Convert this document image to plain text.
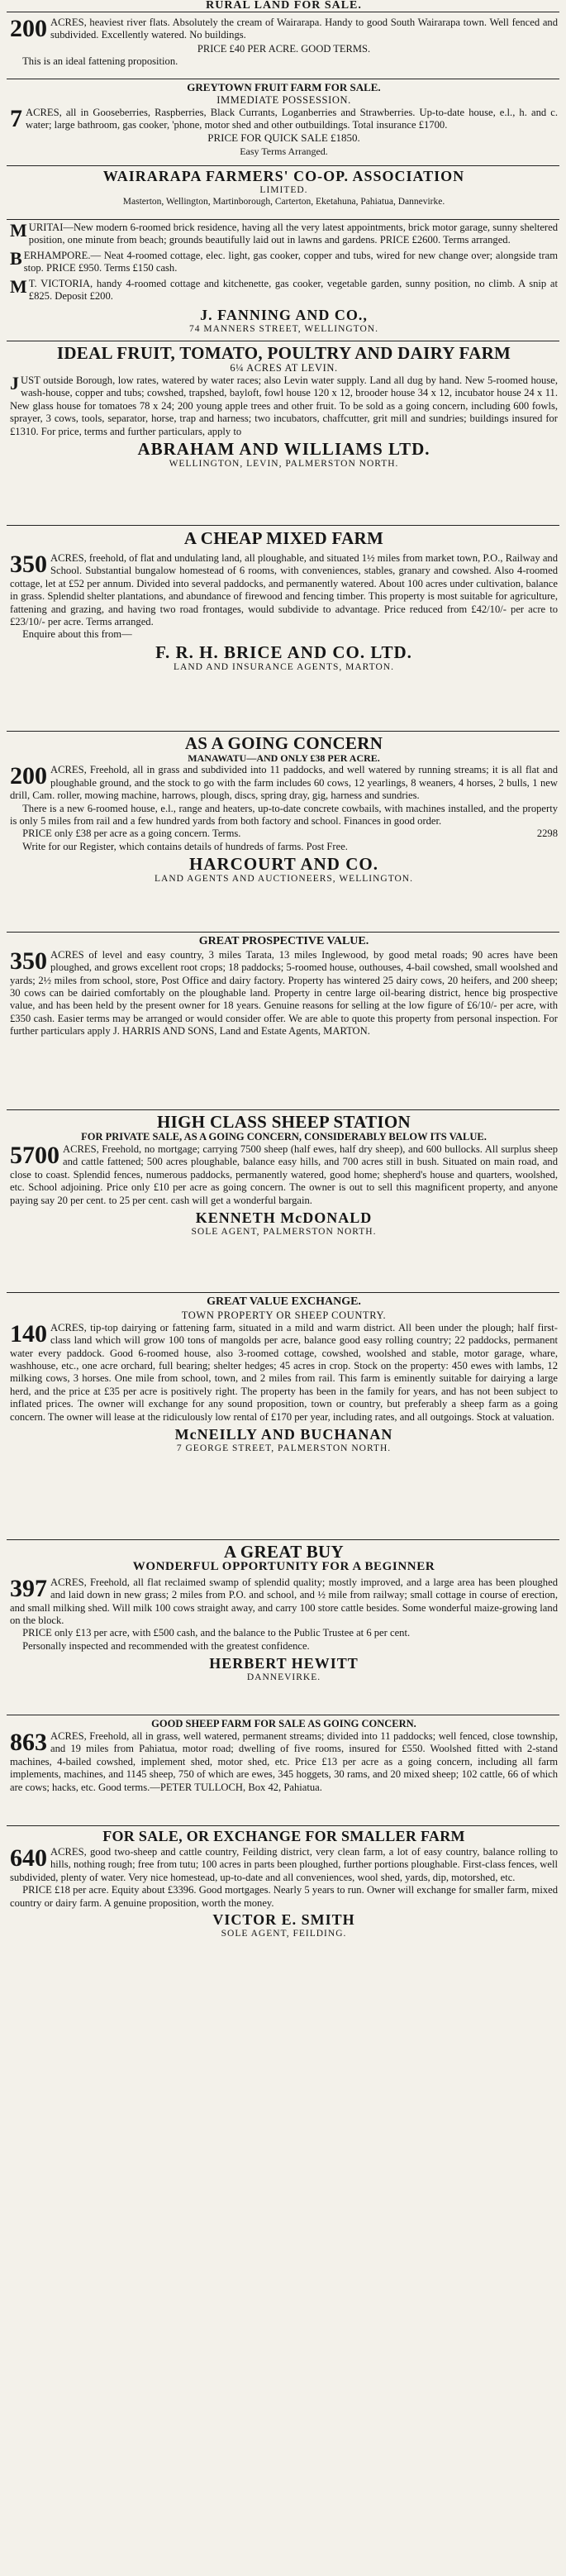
RURAL LAND FOR SALE.

200 ACRES, heaviest river flats. Absolutely the cream of Wairarapa. Handy to good South Wairarapa town. Well fenced and subdivided. Excellently watered. No buildings.

PRICE £40 PER ACRE. GOOD TERMS.

This is an ideal fattening proposition.

GREYTOWN FRUIT FARM FOR SALE.
IMMEDIATE POSSESSION.

7 ACRES, all in Gooseberries, Raspberries, Black Currants, Loganberries and Strawberries. Up-to-date house, e.l., h. and c. water; large bathroom, gas cooker, 'phone, motor shed and other outbuildings. Total insurance £1700.

PRICE FOR QUICK SALE £1850.
Easy Terms Arranged.
WAIRARAPA FARMERS' CO-OP. ASSOCIATION
LIMITED.
Masterton, Wellington, Martinborough, Carterton, Eketahuna, Pahiatua, Dannevirke.

MURITAI—New modern 6-roomed brick residence, having all the very latest appointments, brick motor garage, sunny sheltered position, one minute from beach; grounds beautifully laid out in lawns and gardens. PRICE £2600. Terms arranged.

BERHAMPORE.— Neat 4-roomed cottage, elec. light, gas cooker, copper and tubs, wired for new change over; alongside tram stop. PRICE £950. Terms £150 cash.

M T. VICTORIA, handy 4-roomed cottage and kitchenette, gas cooker, vegetable garden, sunny position, no climb. A snip at £825. Deposit £200.

J. FANNING AND CO.,
74 MANNERS STREET, WELLINGTON.
IDEAL FRUIT, TOMATO, POULTRY AND DAIRY FARM
6¼ ACRES AT LEVIN.

JUST outside Borough, low rates, watered by water races; also Levin water supply. Land all dug by hand. New 5-roomed house, wash-house, copper and tubs; cowshed, trapshed, bayloft, fowl house 120 x 12, brooder house 34 x 12, incubator house 24 x 11. New glass house for tomatoes 78 x 24; 200 young apple trees and other fruit. To be sold as a going concern, including 600 fowls, sprayer, 3 cows, tools, separator, horse, trap and harness; two incubators, chaffcutter, grit mill and sundries; buildings insured for £1310. For price, terms and further particulars, apply to

ABRAHAM AND WILLIAMS LTD.
WELLINGTON, LEVIN, PALMERSTON NORTH.
A CHEAP MIXED FARM

350 ACRES, freehold, of flat and undulating land, all ploughable, and situated 1½ miles from market town, P.O., Railway and School. Substantial bungalow homestead of 6 rooms, with conveniences, stables, granary and cowshed. Also 4-roomed cottage, let at £52 per annum. Divided into several paddocks, and permanently watered. About 100 acres under cultivation, balance in grass. Splendid shelter plantations, and abundance of firewood and fencing timber. This property is most suitable for agriculture, fattening and grazing, and having two road frontages, would subdivide to advantage. Price reduced from £42/10/- per acre to £23/10/- per acre. Terms arranged.

Enquire about this from—

F. R. H. BRICE AND CO. LTD.
LAND AND INSURANCE AGENTS, MARTON.
AS A GOING CONCERN
MANAWATU—AND ONLY £38 PER ACRE.

200 ACRES, Freehold, all in grass and subdivided into 11 paddocks, and well watered by running streams; it is all flat and ploughable ground, and the stock to go with the farm includes 60 cows, 12 yearlings, 8 weaners, 4 horses, 2 bulls, 1 new drill, Cam. roller, mowing machine, harrows, plough, discs, spring dray, gig, harness and sundries.

There is a new 6-roomed house, e.l., range and heaters, up-to-date concrete cowbails, with machines installed, and the property is only 5 miles from rail and a few hundred yards from both factory and school. Finances in good order.

PRICE only £38 per acre as a going concern. Terms.	2298

Write for our Register, which contains details of hundreds of farms. Post Free.

HARCOURT AND CO.
LAND AGENTS AND AUCTIONEERS, WELLINGTON.
GREAT PROSPECTIVE VALUE.

350 ACRES of level and easy country, 3 miles Tarata, 13 miles Inglewood, by good metal roads; 90 acres have been ploughed, and grows excellent root crops; 18 paddocks; 5-roomed house, outhouses, 4-bail cowshed, small woolshed and yards; 2½ miles from school, store, Post Office and dairy factory. Property has wintered 25 dairy cows, 20 heifers, and 200 sheep; 30 cows can be dairied comfortably on the ploughable land. Property in centre large oil-bearing district, hence big prospective value, and has been held by the present owner for 18 years. Genuine reasons for selling at the low figure of £6/10/- per acre, with £350 cash. Easier terms may be arranged or would consider offer. We are able to quote this property from personal inspection. For further particulars apply J. HARRIS AND SONS, Land and Estate Agents, MARTON.

HIGH CLASS SHEEP STATION
FOR PRIVATE SALE, AS A GOING CONCERN, CONSIDERABLY BELOW ITS VALUE.

5700 ACRES, Freehold, no mortgage; carrying 7500 sheep (half ewes, half dry sheep), and 600 bullocks. All surplus sheep and cattle fattened; 500 acres ploughable, balance easy hills, and 700 acres still in bush. Situated on main road, and close to coast. Splendid fences, numerous paddocks, permanently watered, good home; shepherd's house and quarters, woolshed, etc. School adjoining. Price only £10 per acre as going concern. The owner is out to sell this magnificent property, and anyone paying say 20 per cent. to 25 per cent. cash will get a wonderful bargain.

KENNETH McDONALD
SOLE AGENT, PALMERSTON NORTH.
GREAT VALUE EXCHANGE.
TOWN PROPERTY OR SHEEP COUNTRY.

140 ACRES, tip-top dairying or fattening farm, situated in a mild and warm district. All been under the plough; half first-class land which will grow 100 tons of mangolds per acre, balance good easy rolling country; 22 paddocks, permanent water every paddock. Good 6-roomed house, also 3-roomed cottage, cowshed, woolshed and stable, motor garage, whare, washhouse, etc., one acre orchard, full bearing; shelter hedges; 45 acres in crop. Stock on the property: 450 ewes with lambs, 12 milking cows, 3 horses. One mile from school, town, and 2 miles from rail. This farm is eminently suitable for dairying a large herd, and the price at £35 per acre is positively right. The property has been in the family for years, and has not been subject to inflated prices. The owner will exchange for any sound proposition, town or country, but preferably a sheep farm as a going concern. The owner will lease at the ridiculously low rental of £170 per year, including rates, and all outgoings. Stock at valuation.

McNEILLY AND BUCHANAN
7 GEORGE STREET, PALMERSTON NORTH.
A GREAT BUY
WONDERFUL OPPORTUNITY FOR A BEGINNER

397 ACRES, Freehold, all flat reclaimed swamp of splendid quality; mostly improved, and a large area has been ploughed and laid down in new grass; 2 miles from P.O. and school, and ½ mile from railway; small cottage in course of erection, and small milking shed. Will milk 100 cows straight away, and carry 100 store cattle besides. Some wonderful maize-growing land on the block.

PRICE only £13 per acre, with £500 cash, and the balance to the Public Trustee at 6 per cent.

Personally inspected and recommended with the greatest confidence.

HERBERT HEWITT
DANNEVIRKE.
GOOD SHEEP FARM FOR SALE AS GOING CONCERN.

863 ACRES, Freehold, all in grass, well watered, permanent streams; divided into 11 paddocks; well fenced, close township, and 19 miles from Pahiatua, motor road; dwelling of five rooms, insured for £550. Woolshed fitted with 2-stand machines, 4-bailed cowshed, implement shed, motor shed, etc. Price £13 per acre as a going concern, including all farm implements, machines, and 1145 sheep, 750 of which are ewes, 345 hoggets, 30 rams, and 20 mixed sheep; 102 cattle, 66 of which are cows; hacks, etc. Good terms.—PETER TULLOCH, Box 42, Pahiatua.

FOR SALE, OR EXCHANGE FOR SMALLER FARM

640 ACRES, good two-sheep and cattle country, Feilding district, very clean farm, a lot of easy country, balance rolling to hills, nothing rough; free from tutu; 100 acres in parts been ploughed, further portions ploughable. First-class fences, well subdivided, plenty of water. Very nice homestead, up-to-date and all conveniences, wool shed, yards, dip, motorshed, etc.

PRICE £18 per acre. Equity about £3396. Good mortgages. Nearly 5 years to run. Owner will exchange for smaller farm, mixed country or dairy farm. A genuine proposition, worth the money.

VICTOR E. SMITH
SOLE AGENT, FEILDING.
